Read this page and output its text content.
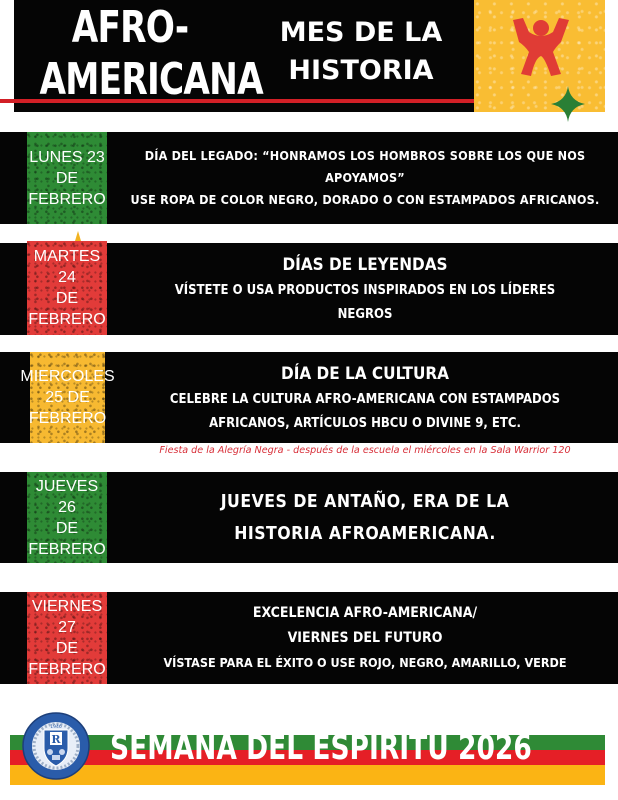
AFRO-
AMERICANA
MES DE LA
HISTORIA
LUNES 23
DE
FEBRERO
DÍA DEL LEGADO: “HONRAMOS LOS HOMBROS SOBRE LOS QUE NOS
APOYAMOS”
USE ROPA DE COLOR NEGRO, DORADO O CON ESTAMPADOS AFRICANOS.
MARTES 24
DE FEBRERO
DÍAS DE LEYENDAS
VÍSTETE O USA PRODUCTOS INSPIRADOS EN LOS LÍDERES
NEGROS
MIERCOLES
25 DE
FEBRERO
DÍA DE LA CULTURA
CELEBRE LA CULTURA AFRO-AMERICANA CON ESTAMPADOS
AFRICANOS, ARTÍCULOS HBCU O DIVINE 9, ETC.
Fiesta de la Alegría Negra - después de la escuela el miércoles en la Sala Warrior 120
JUEVES 26
DE FEBRERO
JUEVES DE ANTAÑO, ERA DE LA
HISTORIA AFROAMERICANA.
VIERNES 27
DE
FEBRERO
EXCELENCIA AFRO-AMERICANA/
VIERNES DEL FUTURO
VÍSTASE PARA EL ÉXITO O USE ROJO, NEGRO, AMARILLO, VERDE
SEMANA DEL ESPÍRITU 2026
R
1946
